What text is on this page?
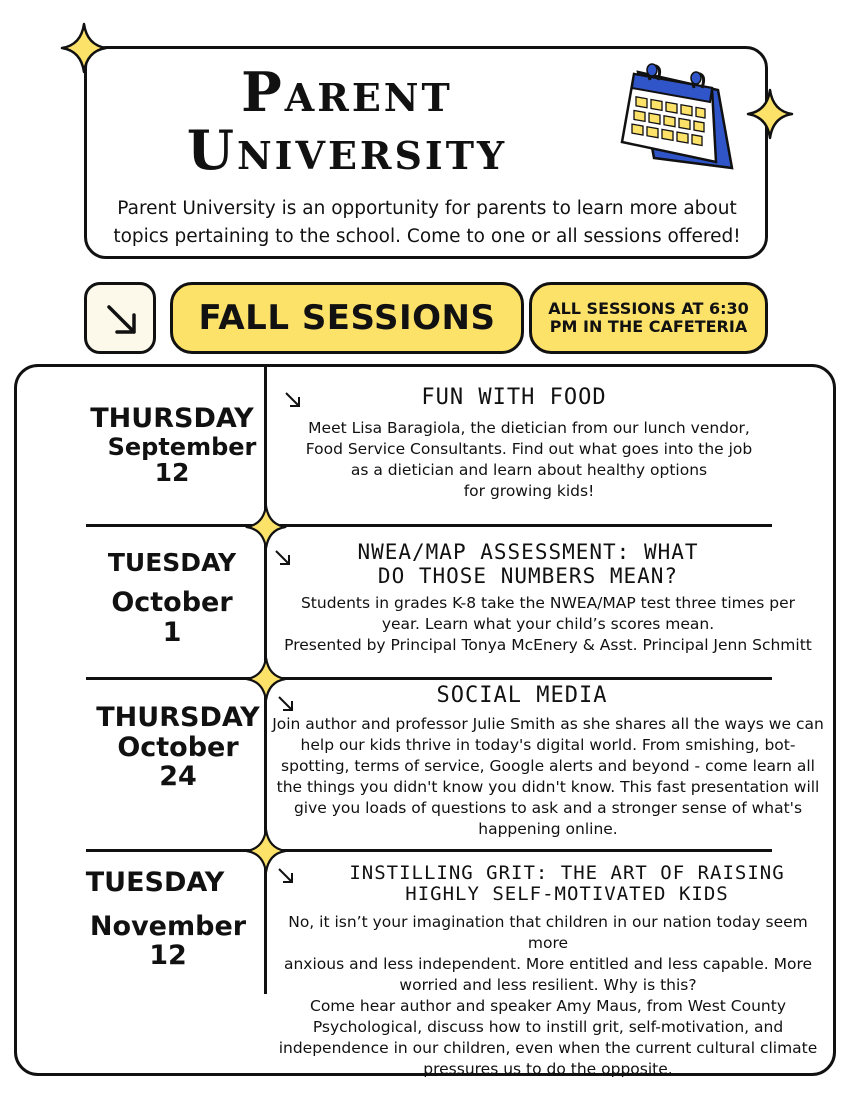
Parent
University
Parent University is an opportunity for parents to learn more about
topics pertaining to the school. Come to one or all sessions offered!
FALL SESSIONS	ALL SESSIONS AT 6:30 PM IN THE CAFETERIA
THURSDAY
September
12
FUN WITH FOOD
Meet Lisa Baragiola, the dietician from our lunch vendor,
Food Service Consultants. Find out what goes into the job
as a dietician and learn about healthy options
for growing kids!
TUESDAY
October
1
NWEA/MAP ASSESSMENT: WHAT
DO THOSE NUMBERS MEAN?
Students in grades K-8 take the NWEA/MAP test three times per
year. Learn what your child’s scores mean.
Presented by Principal Tonya McEnery & Asst. Principal Jenn Schmitt
THURSDAY
October
24
SOCIAL MEDIA
Join author and professor Julie Smith as she shares all the ways we can
help our kids thrive in today's digital world. From smishing, bot-
spotting, terms of service, Google alerts and beyond - come learn all
the things you didn't know you didn't know. This fast presentation will
give you loads of questions to ask and a stronger sense of what's
happening online.
TUESDAY
November
12
INSTILLING GRIT: THE ART OF RAISING
HIGHLY SELF-MOTIVATED KIDS
No, it isn’t your imagination that children in our nation today seem more
anxious and less independent. More entitled and less capable. More
worried and less resilient. Why is this?
Come hear author and speaker Amy Maus, from West County
Psychological, discuss how to instill grit, self-motivation, and
independence in our children, even when the current cultural climate
pressures us to do the opposite.
